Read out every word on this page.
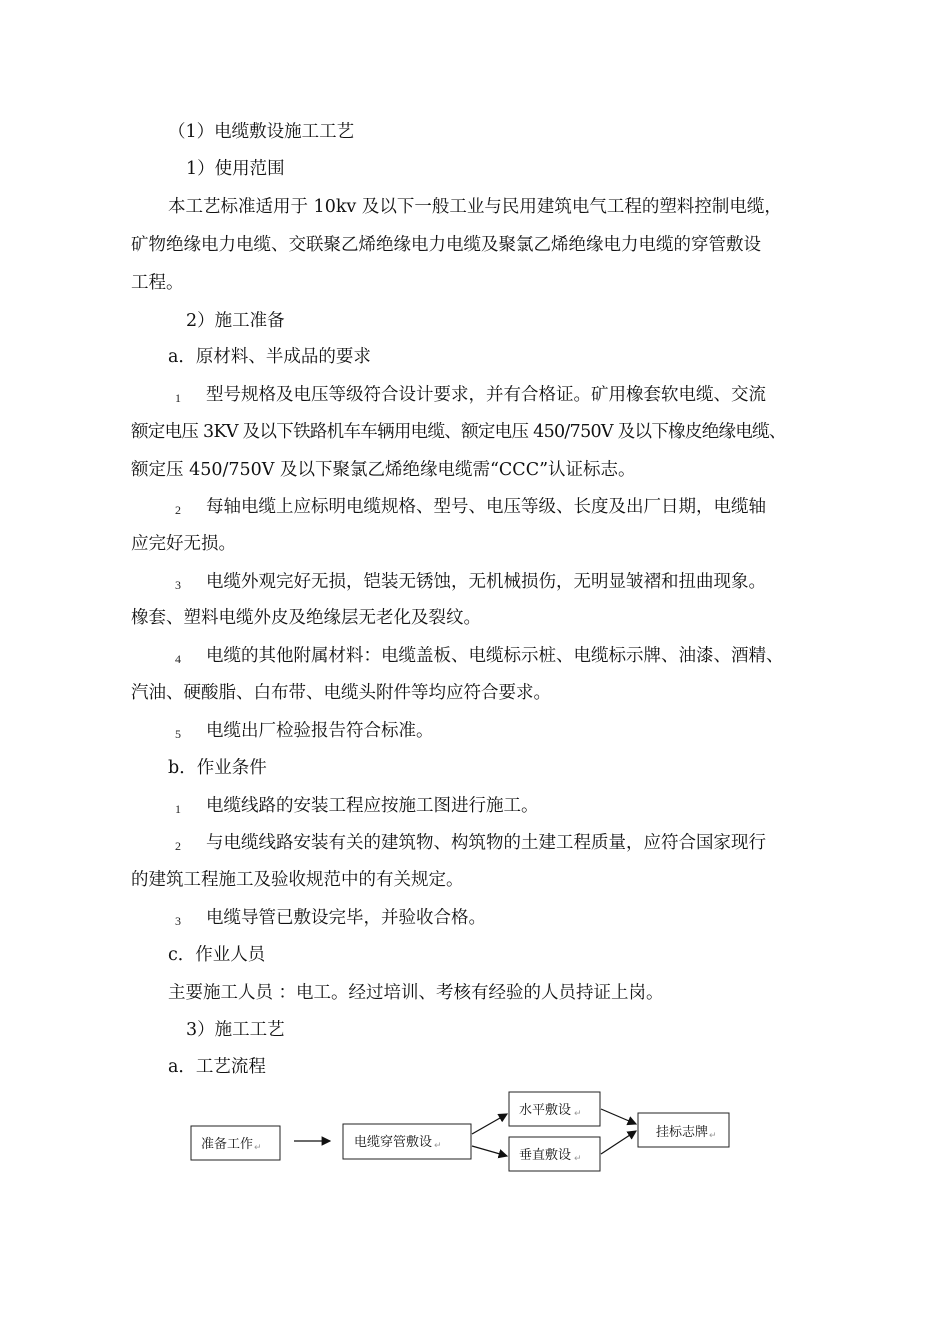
（1）电缆敷设施工工艺
1）使用范围
本工艺标准适用于 10kv 及以下一般工业与民用建筑电气工程的塑料控制电缆，
矿物绝缘电力电缆、交联聚乙烯绝缘电力电缆及聚氯乙烯绝缘电力电缆的穿管敷设
工程。
2）施工准备
a．原材料、半成品的要求
1 型号规格及电压等级符合设计要求，并有合格证。矿用橡套软电缆、交流
额定电压 3KV 及以下铁路机车车辆用电缆、额定电压 450/750V 及以下橡皮绝缘电缆、
额定压 450/750V 及以下聚氯乙烯绝缘电缆需“CCC”认证标志。
2 每轴电缆上应标明电缆规格、型号、电压等级、长度及出厂日期，电缆轴
应完好无损。
3 电缆外观完好无损，铠装无锈蚀，无机械损伤，无明显皱褶和扭曲现象。
橡套、塑料电缆外皮及绝缘层无老化及裂纹。
4 电缆的其他附属材料：电缆盖板、电缆标示桩、电缆标示牌、油漆、酒精、
汽油、硬酸脂、白布带、电缆头附件等均应符合要求。
5 电缆出厂检验报告符合标准。
b．作业条件
1 电缆线路的安装工程应按施工图进行施工。
2 与电缆线路安装有关的建筑物、构筑物的土建工程质量，应符合国家现行
的建筑工程施工及验收规范中的有关规定。
3 电缆导管已敷设完毕，并验收合格。
c．作业人员
主要施工人员 ：电工。经过培训、考核有经验的人员持证上岗。
3）施工工艺
a．工艺流程
准备工作 ↵	电缆穿管敷设 ↵
水平敷设 ↵
垂直敷设 ↵
挂标志牌 ↵
